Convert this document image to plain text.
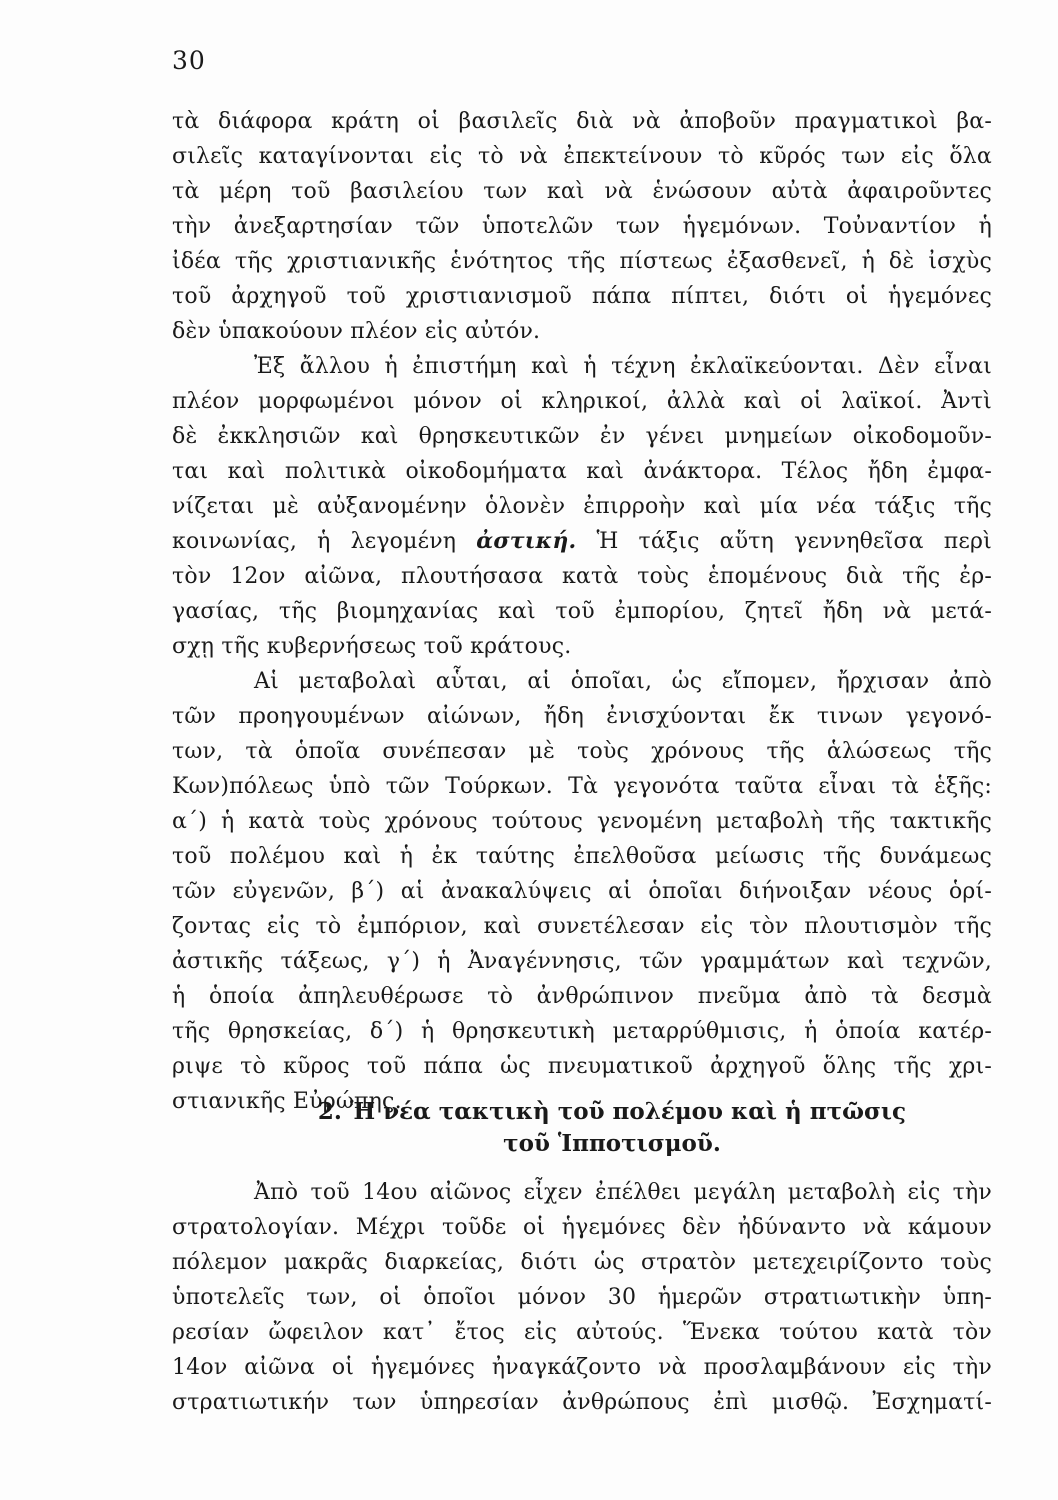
30
τὰ διάφορα κράτη οἱ βασιλεῖς διὰ νὰ ἀποβοῦν πραγματικοὶ βα-
σιλεῖς καταγίνονται εἰς τὸ νὰ ἐπεκτείνουν τὸ κῦρός των εἰς ὅλα
τὰ μέρη τοῦ βασιλείου των καὶ νὰ ἑνώσουν αὐτὰ ἀφαιροῦντες
τὴν ἀνεξαρτησίαν τῶν ὑποτελῶν των ἡγεμόνων. Τοὐναντίον ἡ
ἰδέα τῆς χριστιανικῆς ἑνότητος τῆς πίστεως ἐξασθενεῖ, ἡ δὲ ἰσχὺς
τοῦ ἀρχηγοῦ τοῦ χριστιανισμοῦ πάπα πίπτει, διότι οἱ ἡγεμόνες
δὲν ὑπακούουν πλέον εἰς αὐτόν.
Ἐξ ἄλλου ἡ ἐπιστήμη καὶ ἡ τέχνη ἐκλαϊκεύονται. Δὲν εἶναι
πλέον μορφωμένοι μόνον οἱ κληρικοί, ἀλλὰ καὶ οἱ λαϊκοί. Ἀντὶ
δὲ ἐκκλησιῶν καὶ θρησκευτικῶν ἐν γένει μνημείων οἰκοδομοῦν-
ται καὶ πολιτικὰ οἰκοδομήματα καὶ ἀνάκτορα. Τέλος ἤδη ἐμφα-
νίζεται μὲ αὐξανομένην ὁλονὲν ἐπιρροὴν καὶ μία νέα τάξις τῆς
κοινωνίας, ἡ λεγομένη ἀστική. Ἡ τάξις αὕτη γεννηθεῖσα περὶ
τὸν 12ον αἰῶνα, πλουτήσασα κατὰ τοὺς ἑπομένους διὰ τῆς ἐρ-
γασίας, τῆς βιομηχανίας καὶ τοῦ ἐμπορίου, ζητεῖ ἤδη νὰ μετά-
σχῃ τῆς κυβερνήσεως τοῦ κράτους.
Αἱ μεταβολαὶ αὗται, αἱ ὁποῖαι, ὡς εἴπομεν, ἤρχισαν ἀπὸ
τῶν προηγουμένων αἰώνων, ἤδη ἐνισχύονται ἔκ τινων γεγονό-
των, τὰ ὁποῖα συνέπεσαν μὲ τοὺς χρόνους τῆς ἁλώσεως τῆς
Κων)πόλεως ὑπὸ τῶν Τούρκων. Τὰ γεγονότα ταῦτα εἶναι τὰ ἑξῆς:
α΄) ἡ κατὰ τοὺς χρόνους τούτους γενομένη μεταβολὴ τῆς τακτικῆς
τοῦ πολέμου καὶ ἡ ἐκ ταύτης ἐπελθοῦσα μείωσις τῆς δυνάμεως
τῶν εὐγενῶν, β΄) αἱ ἀνακαλύψεις αἱ ὁποῖαι διήνοιξαν νέους ὁρί-
ζοντας εἰς τὸ ἐμπόριον, καὶ συνετέλεσαν εἰς τὸν πλουτισμὸν τῆς
ἀστικῆς τάξεως, γ΄) ἡ Ἀναγέννησις, τῶν γραμμάτων καὶ τεχνῶν,
ἡ ὁποία ἀπηλευθέρωσε τὸ ἀνθρώπινον πνεῦμα ἀπὸ τὰ δεσμὰ
τῆς θρησκείας, δ΄) ἡ θρησκευτικὴ μεταρρύθμισις, ἡ ὁποία κατέρ-
ριψε τὸ κῦρος τοῦ πάπα ὡς πνευματικοῦ ἀρχηγοῦ ὅλης τῆς χρι-
στιανικῆς Εὐρώπης.
2. Ἡ νέα τακτικὴ τοῦ πολέμου καὶ ἡ πτῶσις
τοῦ Ἱπποτισμοῦ.
Ἀπὸ τοῦ 14ου αἰῶνος εἶχεν ἐπέλθει μεγάλη μεταβολὴ εἰς τὴν
στρατολογίαν. Μέχρι τοῦδε οἱ ἡγεμόνες δὲν ἠδύναντο νὰ κάμουν
πόλεμον μακρᾶς διαρκείας, διότι ὡς στρατὸν μετεχειρίζοντο τοὺς
ὑποτελεῖς των, οἱ ὁποῖοι μόνον 30 ἡμερῶν στρατιωτικὴν ὑπη-
ρεσίαν ὤφειλον κατ᾽ ἔτος εἰς αὐτούς. Ἕνεκα τούτου κατὰ τὸν
14ον αἰῶνα οἱ ἡγεμόνες ἠναγκάζοντο νὰ προσλαμβάνουν εἰς τὴν
στρατιωτικήν των ὑπηρεσίαν ἀνθρώπους ἐπὶ μισθῷ. Ἐσχηματί-
